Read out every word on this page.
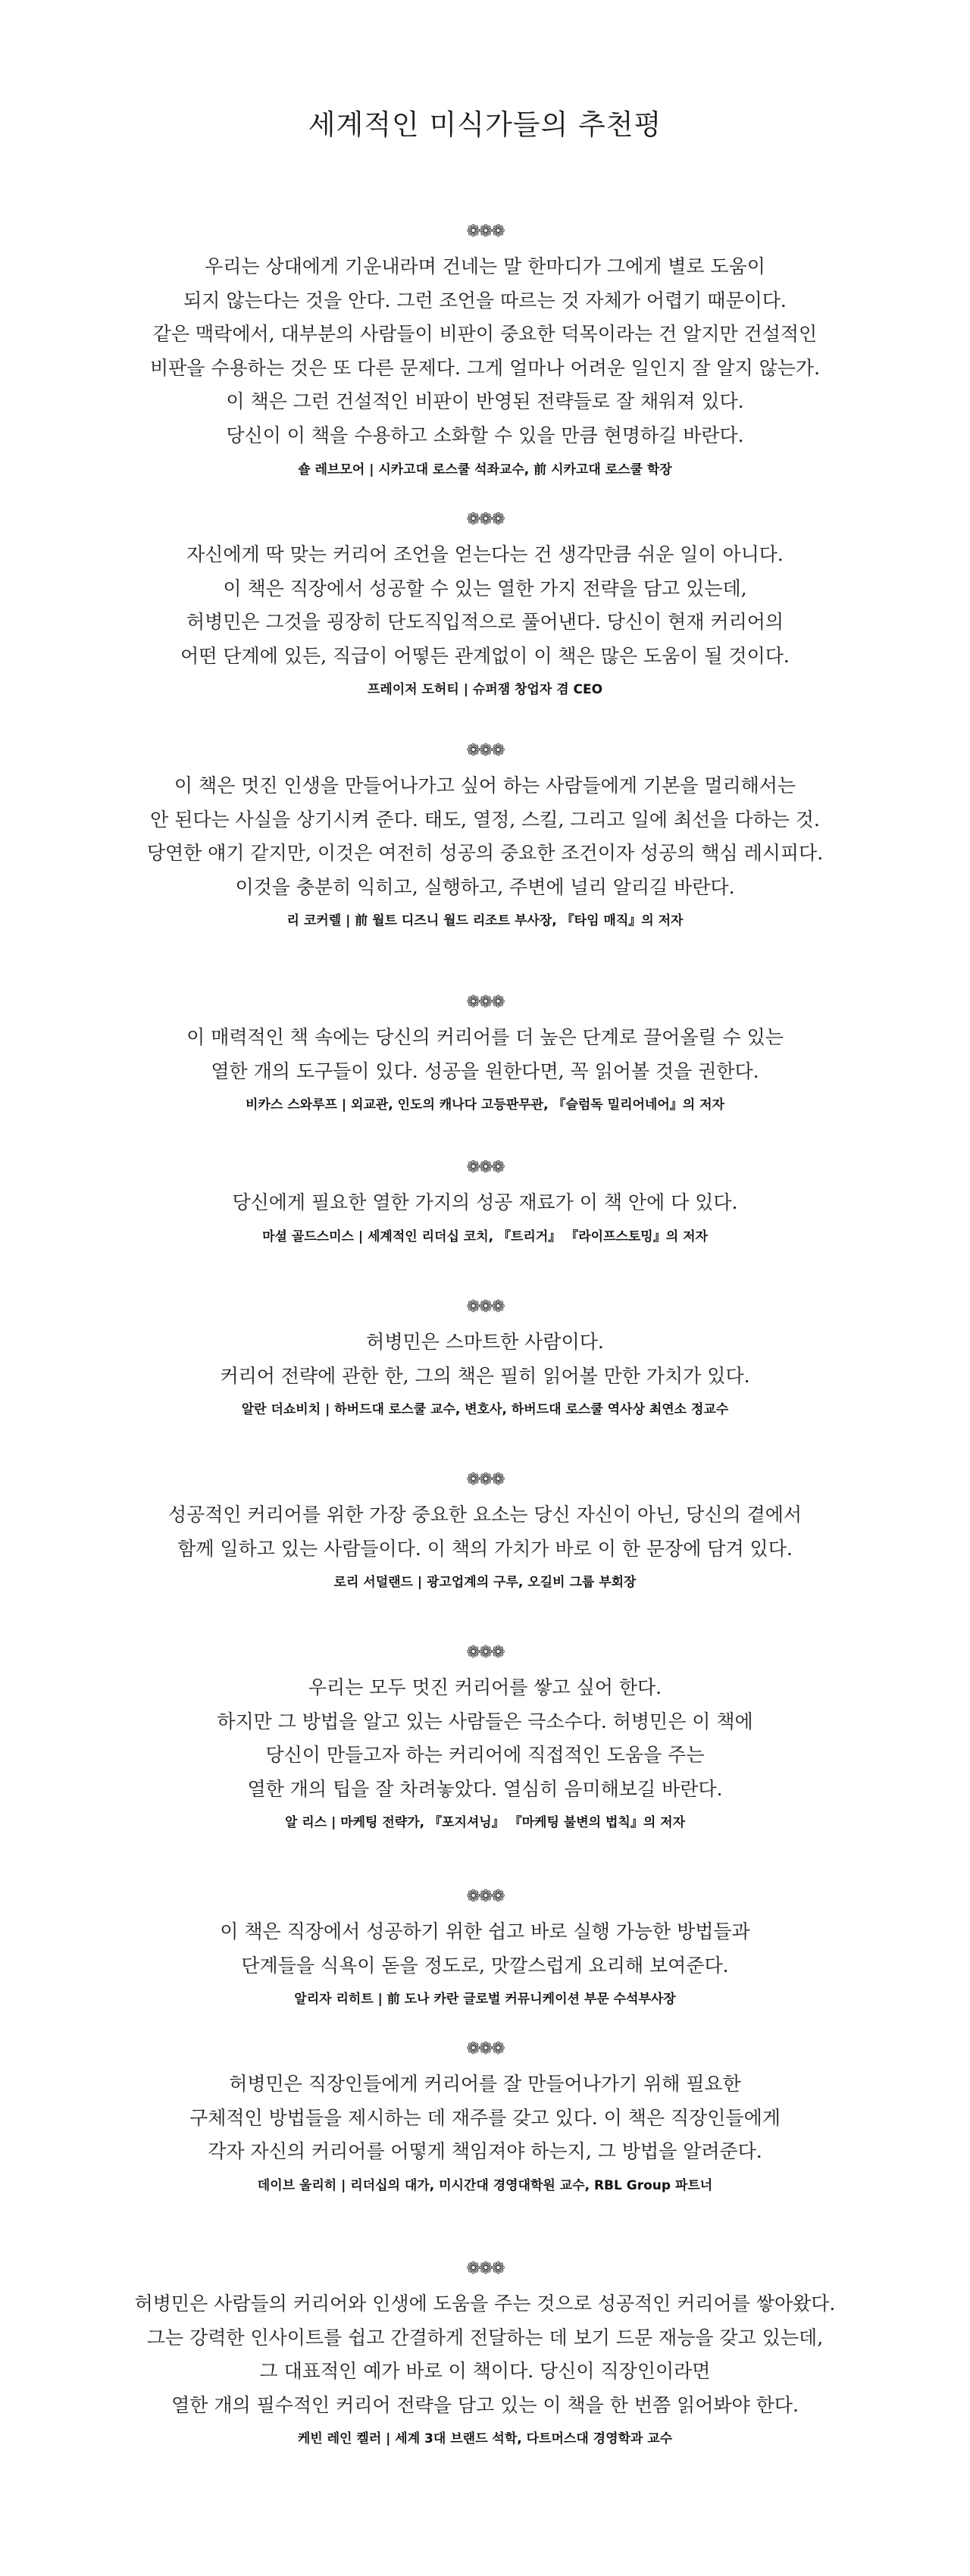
세계적인 미식가들의 추천평
❁❁❁
우리는 상대에게 기운내라며 건네는 말 한마디가 그에게 별로 도움이
되지 않는다는 것을 안다. 그런 조언을 따르는 것 자체가 어렵기 때문이다.
같은 맥락에서, 대부분의 사람들이 비판이 중요한 덕목이라는 건 알지만 건설적인
비판을 수용하는 것은 또 다른 문제다. 그게 얼마나 어려운 일인지 잘 알지 않는가.
이 책은 그런 건설적인 비판이 반영된 전략들로 잘 채워져 있다.
당신이 이 책을 수용하고 소화할 수 있을 만큼 현명하길 바란다.
숄 레브모어 | 시카고대 로스쿨 석좌교수, 前 시카고대 로스쿨 학장
❁❁❁
자신에게 딱 맞는 커리어 조언을 얻는다는 건 생각만큼 쉬운 일이 아니다.
이 책은 직장에서 성공할 수 있는 열한 가지 전략을 담고 있는데,
허병민은 그것을 굉장히 단도직입적으로 풀어낸다. 당신이 현재 커리어의
어떤 단계에 있든, 직급이 어떻든 관계없이 이 책은 많은 도움이 될 것이다.
프레이저 도허티 | 슈퍼잼 창업자 겸 CEO
❁❁❁
이 책은 멋진 인생을 만들어나가고 싶어 하는 사람들에게 기본을 멀리해서는
안 된다는 사실을 상기시켜 준다. 태도, 열정, 스킬, 그리고 일에 최선을 다하는 것.
당연한 얘기 같지만, 이것은 여전히 성공의 중요한 조건이자 성공의 핵심 레시피다.
이것을 충분히 익히고, 실행하고, 주변에 널리 알리길 바란다.
리 코커렐 | 前 월트 디즈니 월드 리조트 부사장, 『타임 매직』의 저자
❁❁❁
이 매력적인 책 속에는 당신의 커리어를 더 높은 단계로 끌어올릴 수 있는
열한 개의 도구들이 있다. 성공을 원한다면, 꼭 읽어볼 것을 권한다.
비카스 스와루프 | 외교관, 인도의 캐나다 고등판무관, 『슬럼독 밀리어네어』의 저자
❁❁❁
당신에게 필요한 열한 가지의 성공 재료가 이 책 안에 다 있다.
마셜 골드스미스 | 세계적인 리더십 코치, 『트리거』 『라이프스토밍』의 저자
❁❁❁
허병민은 스마트한 사람이다.
커리어 전략에 관한 한, 그의 책은 필히 읽어볼 만한 가치가 있다.
알란 더쇼비치 | 하버드대 로스쿨 교수, 변호사, 하버드대 로스쿨 역사상 최연소 정교수
❁❁❁
성공적인 커리어를 위한 가장 중요한 요소는 당신 자신이 아닌, 당신의 곁에서
함께 일하고 있는 사람들이다. 이 책의 가치가 바로 이 한 문장에 담겨 있다.
로리 서덜랜드 | 광고업계의 구루, 오길비 그룹 부회장
❁❁❁
우리는 모두 멋진 커리어를 쌓고 싶어 한다.
하지만 그 방법을 알고 있는 사람들은 극소수다. 허병민은 이 책에
당신이 만들고자 하는 커리어에 직접적인 도움을 주는
열한 개의 팁을 잘 차려놓았다. 열심히 음미해보길 바란다.
알 리스 | 마케팅 전략가, 『포지셔닝』 『마케팅 불변의 법칙』의 저자
❁❁❁
이 책은 직장에서 성공하기 위한 쉽고 바로 실행 가능한 방법들과
단계들을 식욕이 돋을 정도로, 맛깔스럽게 요리해 보여준다.
알리자 리히트 | 前 도나 카란 글로벌 커뮤니케이션 부문 수석부사장
❁❁❁
허병민은 직장인들에게 커리어를 잘 만들어나가기 위해 필요한
구체적인 방법들을 제시하는 데 재주를 갖고 있다. 이 책은 직장인들에게
각자 자신의 커리어를 어떻게 책임져야 하는지, 그 방법을 알려준다.
데이브 울리히 | 리더십의 대가, 미시간대 경영대학원 교수, RBL Group 파트너
❁❁❁
허병민은 사람들의 커리어와 인생에 도움을 주는 것으로 성공적인 커리어를 쌓아왔다.
그는 강력한 인사이트를 쉽고 간결하게 전달하는 데 보기 드문 재능을 갖고 있는데,
그 대표적인 예가 바로 이 책이다. 당신이 직장인이라면
열한 개의 필수적인 커리어 전략을 담고 있는 이 책을 한 번쯤 읽어봐야 한다.
케빈 레인 켈러 | 세계 3대 브랜드 석학, 다트머스대 경영학과 교수
